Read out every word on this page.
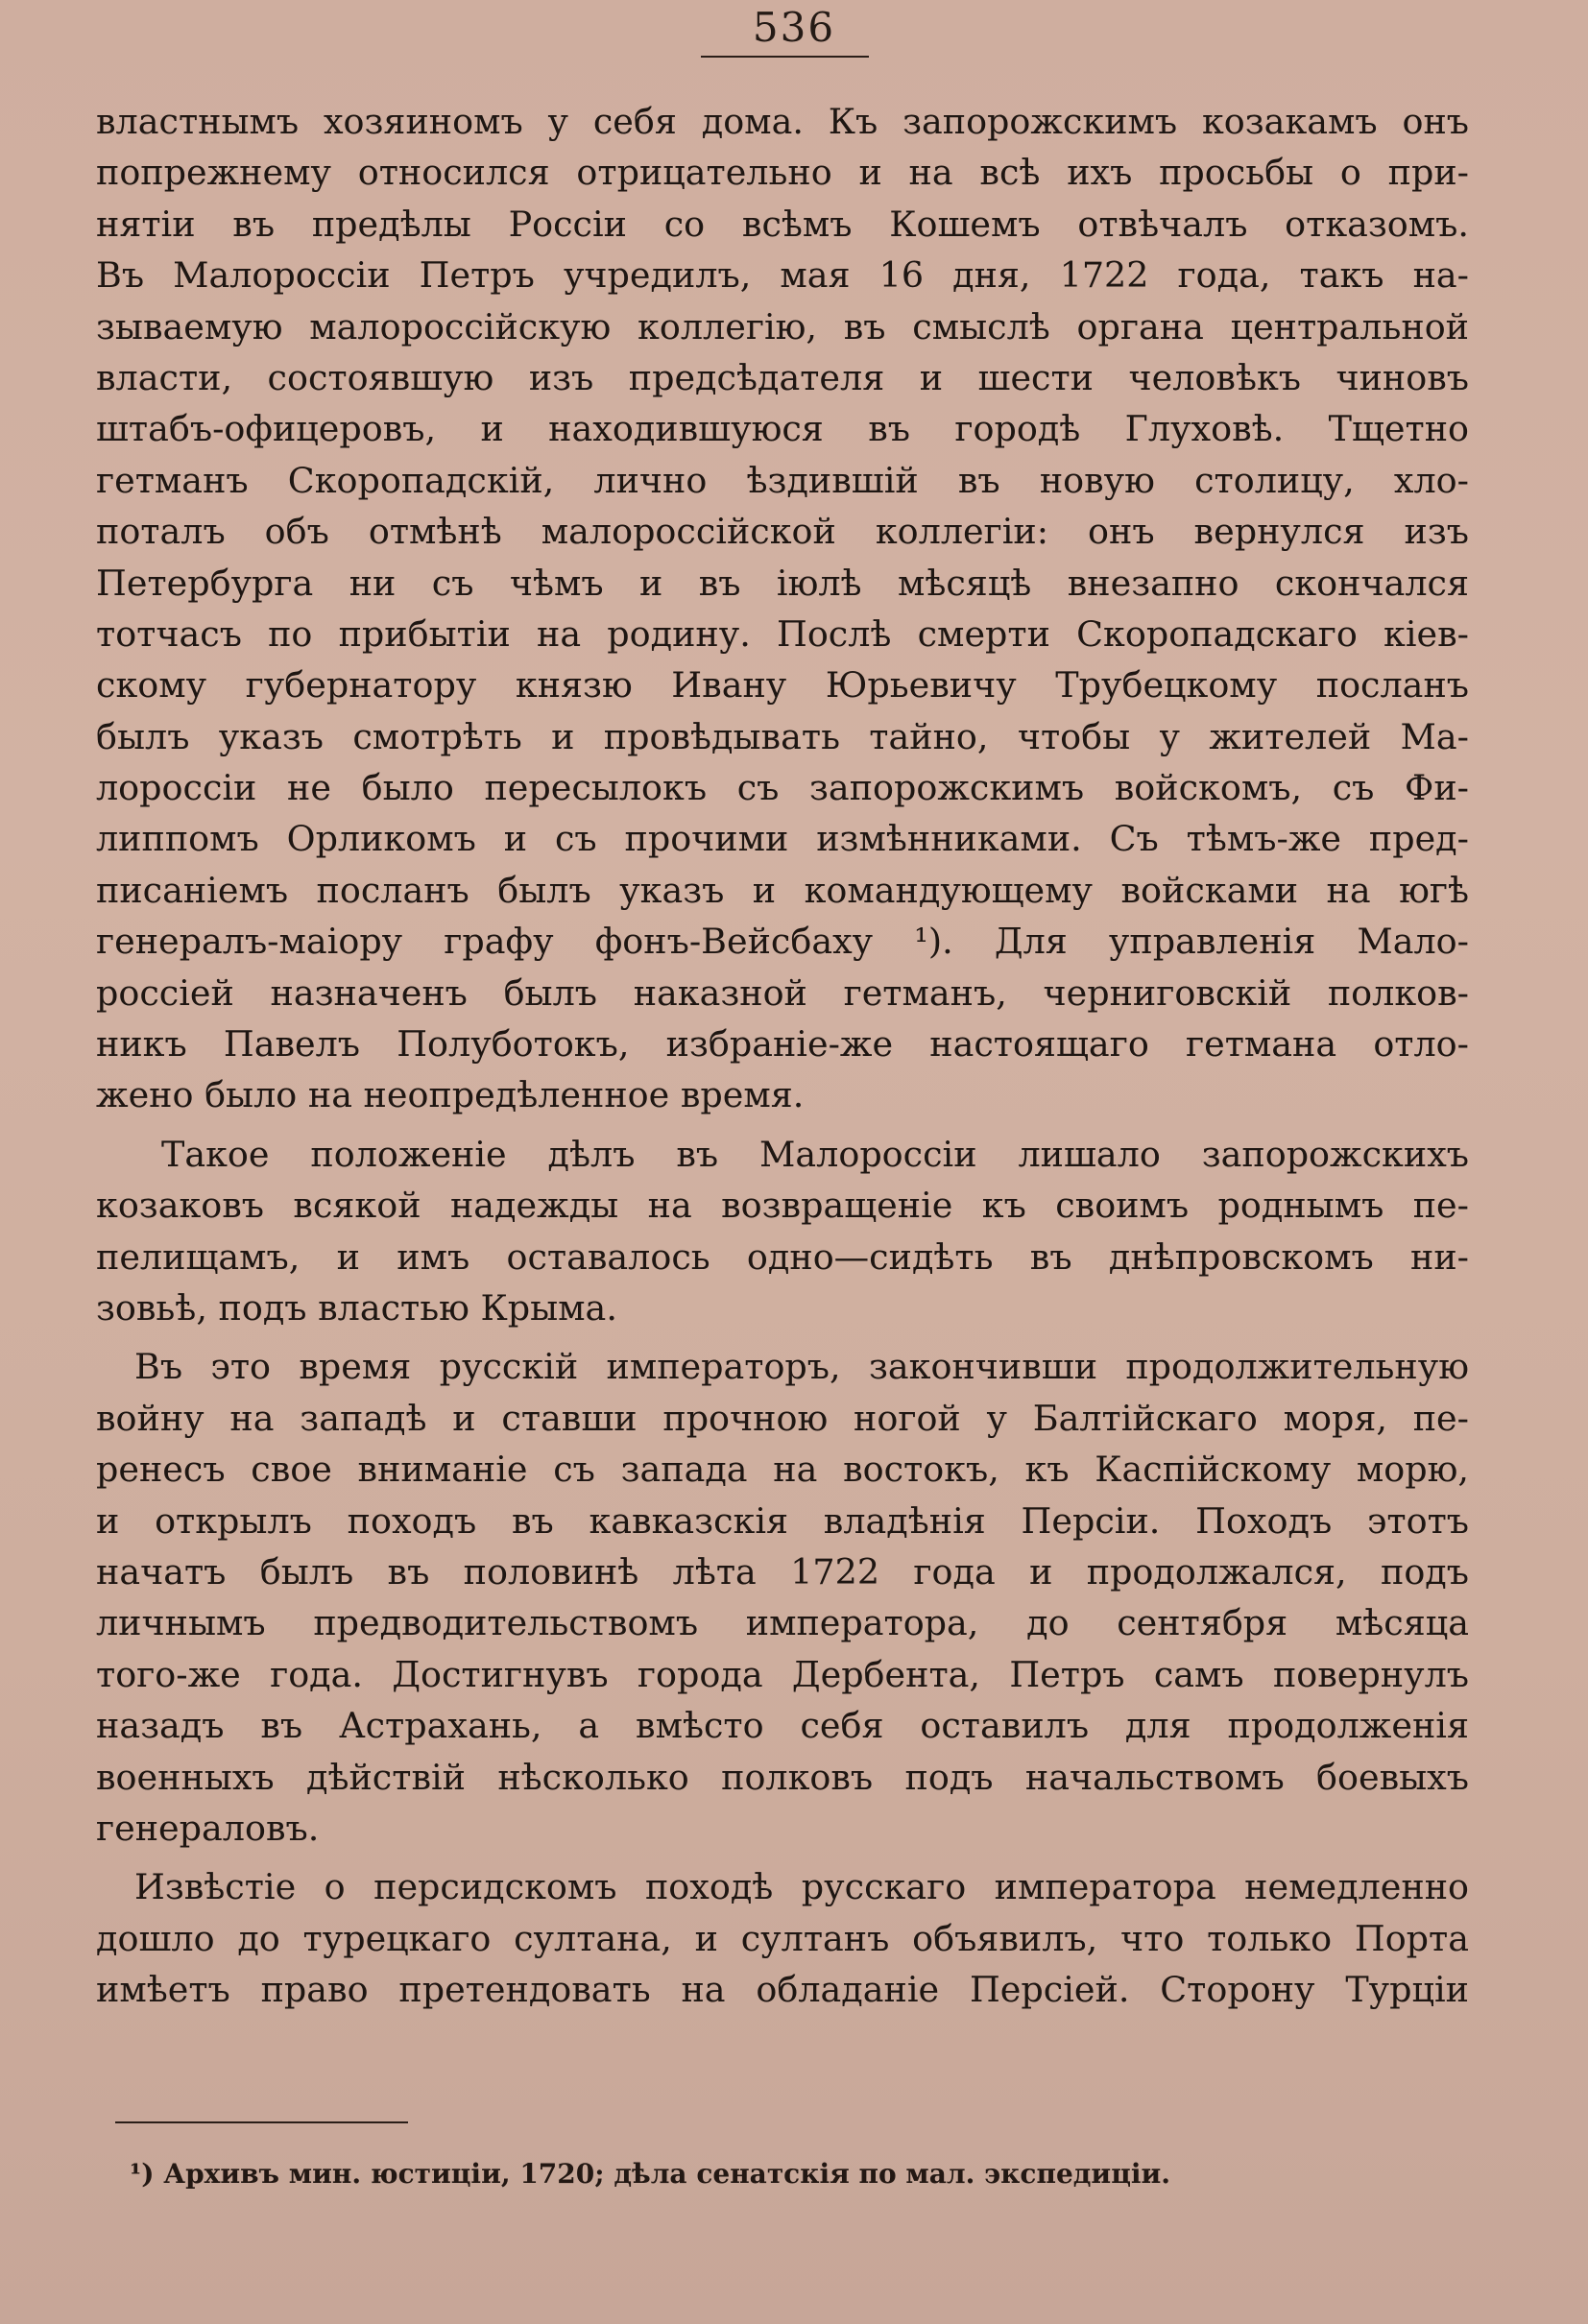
536
властнымъ хозяиномъ у себя дома. Къ запорожскимъ козакамъ онъ
попрежнему относился отрицательно и на всѣ ихъ просьбы о при-
нятіи въ предѣлы Россіи со всѣмъ Кошемъ отвѣчалъ отказомъ.
Въ Малороссіи Петръ учредилъ, мая 16 дня, 1722 года, такъ на-
зываемую малороссійскую коллегію, въ смыслѣ органа центральной
власти, состоявшую изъ предсѣдателя и шести человѣкъ чиновъ
штабъ-офицеровъ, и находившуюся въ городѣ Глуховѣ. Тщетно
гетманъ Скоропадскій, лично ѣздившій въ новую столицу, хло-
поталъ объ отмѣнѣ малороссійской коллегіи: онъ вернулся изъ
Петербурга ни съ чѣмъ и въ іюлѣ мѣсяцѣ внезапно скончался
тотчасъ по прибытіи на родину. Послѣ смерти Скоропадскаго кіев-
скому губернатору князю Ивану Юрьевичу Трубецкому посланъ
былъ указъ смотрѣть и провѣдывать тайно, чтобы у жителей Ма-
лороссіи не было пересылокъ съ запорожскимъ войскомъ, съ Фи-
липпомъ Орликомъ и съ прочими измѣнниками. Съ тѣмъ-же пред-
писаніемъ посланъ былъ указъ и командующему войсками на югѣ
генералъ-маіору графу фонъ-Вейсбаху ¹). Для управленія Мало-
россіей назначенъ былъ наказной гетманъ, черниговскій полков-
никъ Павелъ Полуботокъ, избраніе-же настоящаго гетмана отло-
жено было на неопредѣленное время.
Такое положеніе дѣлъ въ Малороссіи лишало запорожскихъ
козаковъ всякой надежды на возвращеніе къ своимъ роднымъ пе-
пелищамъ, и имъ оставалось одно—сидѣть въ днѣпровскомъ ни-
зовьѣ, подъ властью Крыма.
Въ это время русскій императоръ, закончивши продолжительную
войну на западѣ и ставши прочною ногой у Балтійскаго моря, пе-
ренесъ свое вниманіе съ запада на востокъ, къ Каспійскому морю,
и открылъ походъ въ кавказскія владѣнія Персіи. Походъ этотъ
начатъ былъ въ половинѣ лѣта 1722 года и продолжался, подъ
личнымъ предводительствомъ императора, до сентября мѣсяца
того-же года. Достигнувъ города Дербента, Петръ самъ повернулъ
назадъ въ Астрахань, а вмѣсто себя оставилъ для продолженія
военныхъ дѣйствій нѣсколько полковъ подъ начальствомъ боевыхъ
генераловъ.
Извѣстіе о персидскомъ походѣ русскаго императора немедленно
дошло до турецкаго султана, и султанъ объявилъ, что только Порта
имѣетъ право претендовать на обладаніе Персіей. Сторону Турціи
¹) Архивъ мин. юстиціи, 1720; дѣла сенатскія по мал. экспедиціи.
